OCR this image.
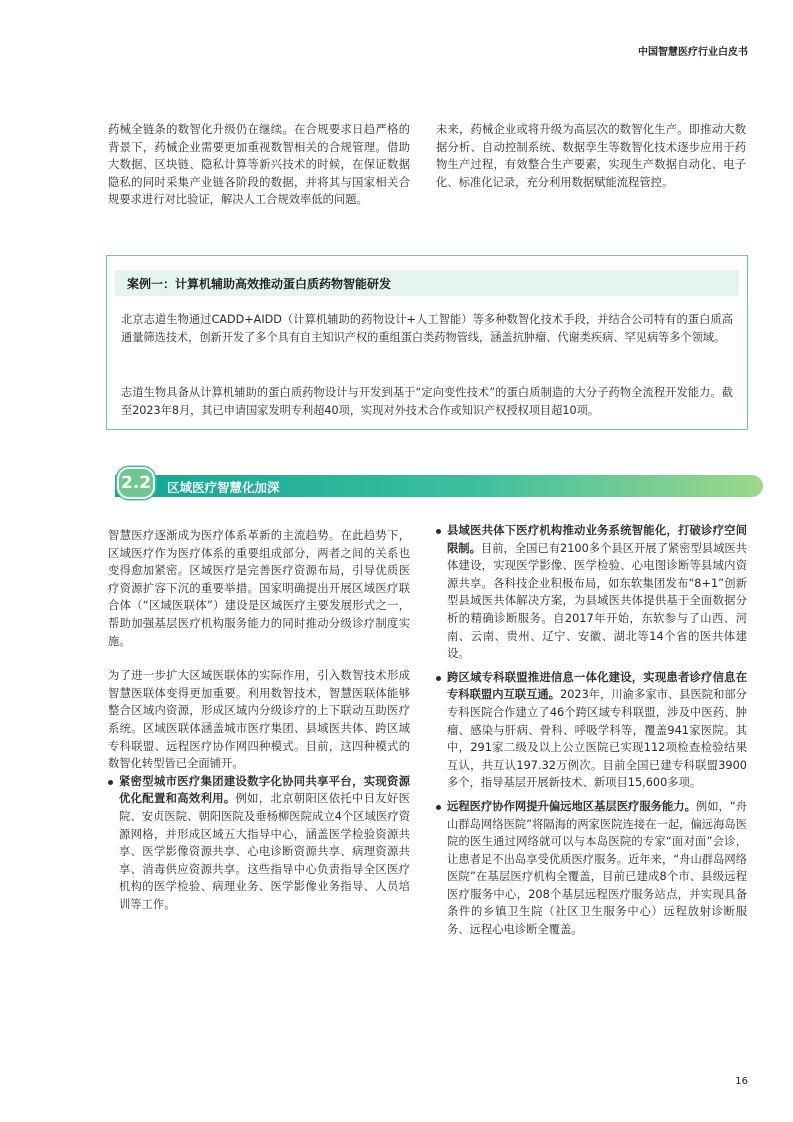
中国智慧医疗行业白皮书

药械全链条的数智化升级仍在继续。在合规要求日趋严格的背景下，药械企业需要更加重视数智相关的合规管理。借助大数据、区块链、隐私计算等新兴技术的时候，在保证数据隐私的同时采集产业链各阶段的数据，并将其与国家相关合规要求进行对比验证，解决人工合规效率低的问题。

未来，药械企业或将升级为高层次的数智化生产。即推动大数据分析、自动控制系统、数据孪生等数智化技术逐步应用于药物生产过程，有效整合生产要素，实现生产数据自动化、电子化、标准化记录，充分利用数据赋能流程管控。

案例一：计算机辅助高效推动蛋白质药物智能研发

北京志道生物通过CADD+AIDD（计算机辅助的药物设计+人工智能）等多种数智化技术手段，并结合公司特有的蛋白质高通量筛选技术，创新开发了多个具有自主知识产权的重组蛋白类药物管线，涵盖抗肿瘤、代谢类疾病、罕见病等多个领域。

志道生物具备从计算机辅助的蛋白质药物设计与开发到基于“定向变性技术”的蛋白质制造的大分子药物全流程开发能力。截至2023年8月，其已申请国家发明专利超40项，实现对外技术合作或知识产权授权项目超10项。

2.2	区域医疗智慧化加深

智慧医疗逐渐成为医疗体系革新的主流趋势。在此趋势下，区域医疗作为医疗体系的重要组成部分，两者之间的关系也变得愈加紧密。区域医疗是完善医疗资源布局，引导优质医疗资源扩容下沉的重要举措。国家明确提出开展区域医疗联合体（“区域医联体”）建设是区域医疗主要发展形式之一，帮助加强基层医疗机构服务能力的同时推动分级诊疗制度实施。

为了进一步扩大区域医联体的实际作用，引入数智技术形成智慧医联体变得更加重要。利用数智技术，智慧医联体能够整合区域内资源，形成区域内分级诊疗的上下联动互助医疗系统。区域医联体涵盖城市医疗集团、县域医共体、跨区域专科联盟、远程医疗协作网四种模式。目前，这四种模式的数智化转型皆已全面铺开。

紧密型城市医疗集团建设数字化协同共享平台，实现资源优化配置和高效利用。例如，北京朝阳区依托中日友好医院、安贞医院、朝阳医院及垂杨柳医院成立4个区域医疗资源网格，并形成区域五大指导中心，涵盖医学检验资源共享、医学影像资源共享、心电诊断资源共享、病理资源共享、消毒供应资源共享。这些指导中心负责指导全区医疗机构的医学检验、病理业务、医学影像业务指导、人员培训等工作。

县域医共体下医疗机构推动业务系统智能化，打破诊疗空间限制。目前，全国已有2100多个县区开展了紧密型县域医共体建设，实现医学影像、医学检验、心电图诊断等县域内资源共享。各科技企业积极布局，如东软集团发布“8+1”创新型县域医共体解决方案，为县域医共体提供基于全面数据分析的精确诊断服务。自2017年开始，东软参与了山西、河南、云南、贵州、辽宁、安徽、湖北等14个省的医共体建设。

跨区域专科联盟推进信息一体化建设，实现患者诊疗信息在专科联盟内互联互通。2023年，川渝多家市、县医院和部分专科医院合作建立了46个跨区域专科联盟，涉及中医药、肿瘤、感染与肝病、骨科、呼吸学科等，覆盖941家医院。其中，291家二级及以上公立医院已实现112项检查检验结果互认，共互认197.32万例次。目前全国已建专科联盟3900多个，指导基层开展新技术、新项目15,600多项。

远程医疗协作网提升偏远地区基层医疗服务能力。例如，“舟山群岛网络医院”将隔海的两家医院连接在一起，偏远海岛医院的医生通过网络就可以与本岛医院的专家“面对面”会诊，让患者足不出岛享受优质医疗服务。近年来，“舟山群岛网络医院”在基层医疗机构全覆盖，目前已建成8个市、县级远程医疗服务中心，208个基层远程医疗服务站点，并实现具备条件的乡镇卫生院（社区卫生服务中心）远程放射诊断服务、远程心电诊断全覆盖。

16
